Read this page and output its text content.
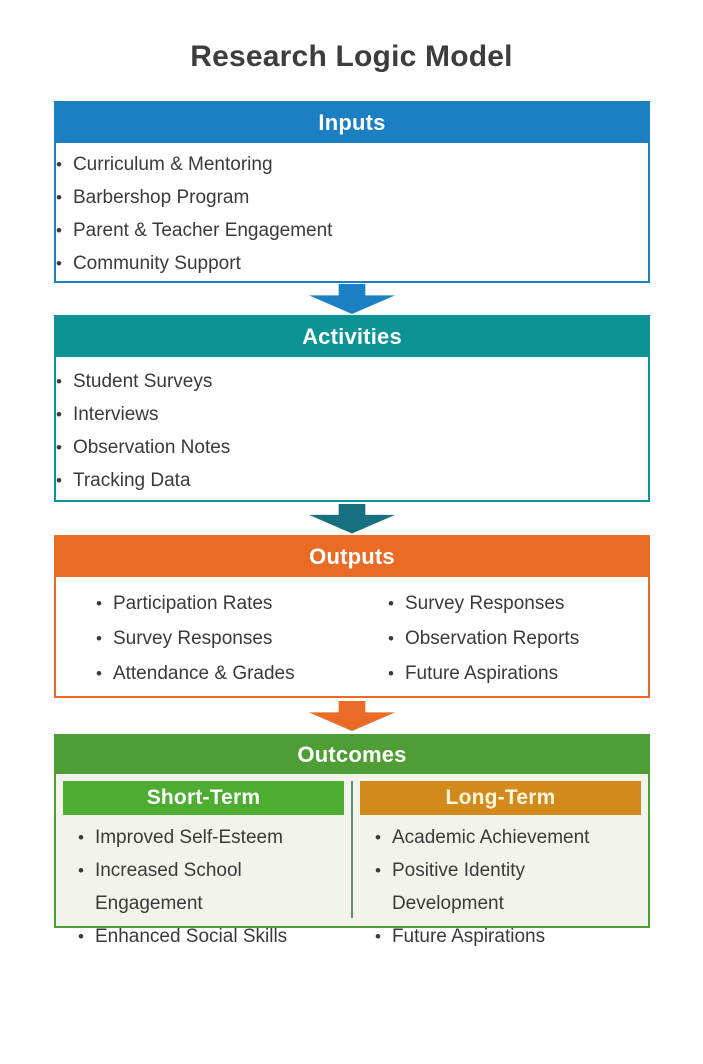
Research Logic Model
Inputs
• Curriculum & Mentoring
• Barbershop Program
• Parent & Teacher Engagement
• Community Support
Activities
• Student Surveys
• Interviews
• Observation Notes
• Tracking Data
Outputs
• Participation Rates
• Survey Responses
• Attendance & Grades
• Survey Responses
• Observation Reports
• Future Aspirations
Outcomes
Short-Term
• Improved Self-Esteem
• Increased School Engagement
• Enhanced Social Skills
Long-Term
• Academic Achievement
• Positive Identity Development
• Future Aspirations
